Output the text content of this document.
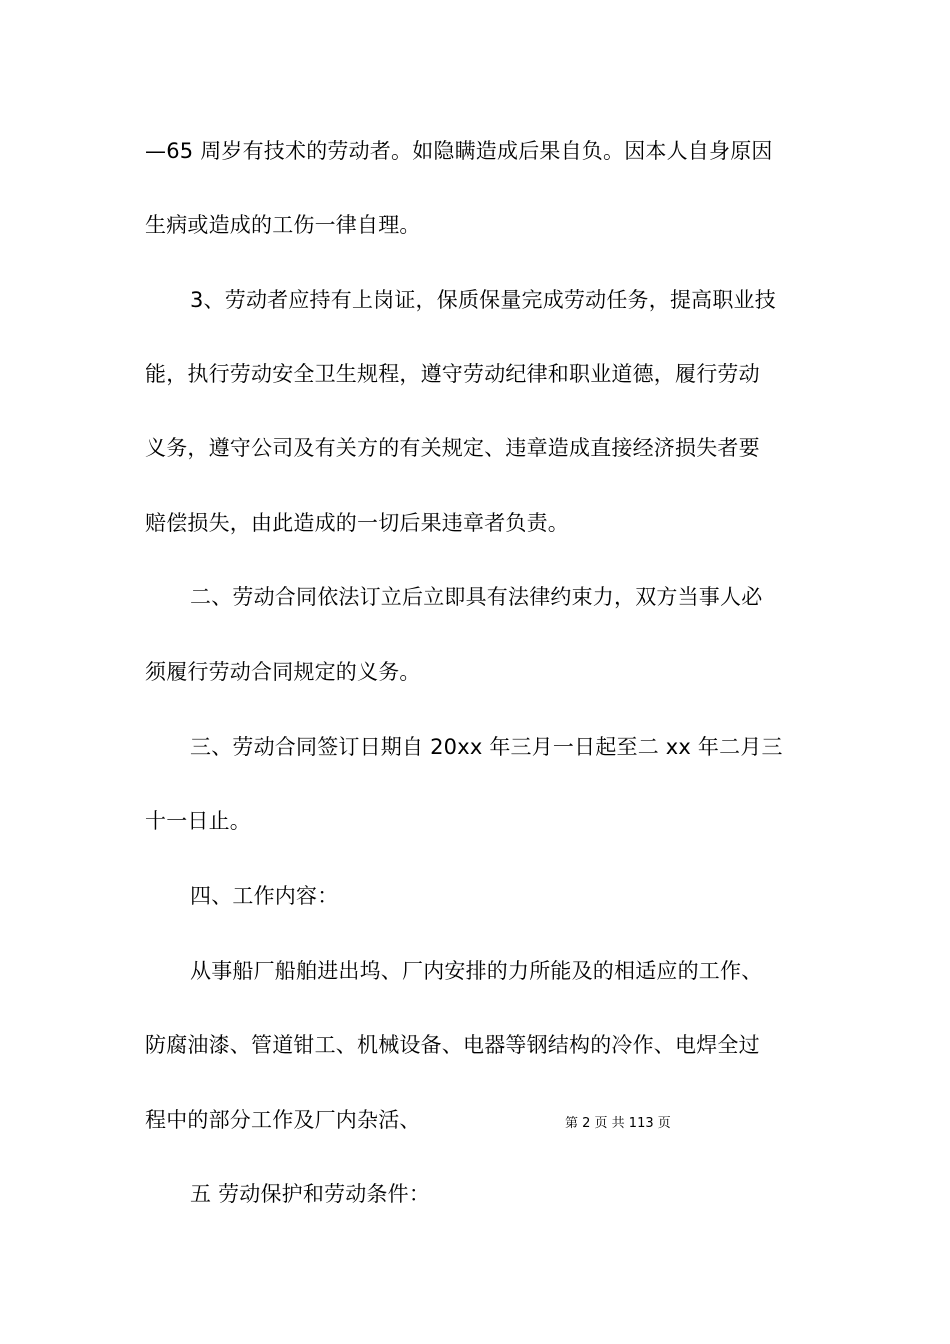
—65 周岁有技术的劳动者。如隐瞒造成后果自负。因本人自身原因
生病或造成的工伤一律自理。
3、劳动者应持有上岗证，保质保量完成劳动任务，提高职业技
能，执行劳动安全卫生规程，遵守劳动纪律和职业道德，履行劳动
义务，遵守公司及有关方的有关规定、违章造成直接经济损失者要
赔偿损失，由此造成的一切后果违章者负责。
二、劳动合同依法订立后立即具有法律约束力，双方当事人必
须履行劳动合同规定的义务。
三、劳动合同签订日期自 20xx 年三月一日起至二 xx 年二月三
十一日止。
四、工作内容：
从事船厂船舶进出坞、厂内安排的力所能及的相适应的工作、
防腐油漆、管道钳工、机械设备、电器等钢结构的冷作、电焊全过
程中的部分工作及厂内杂活、
五 劳动保护和劳动条件：
第 2 页 共 113 页
